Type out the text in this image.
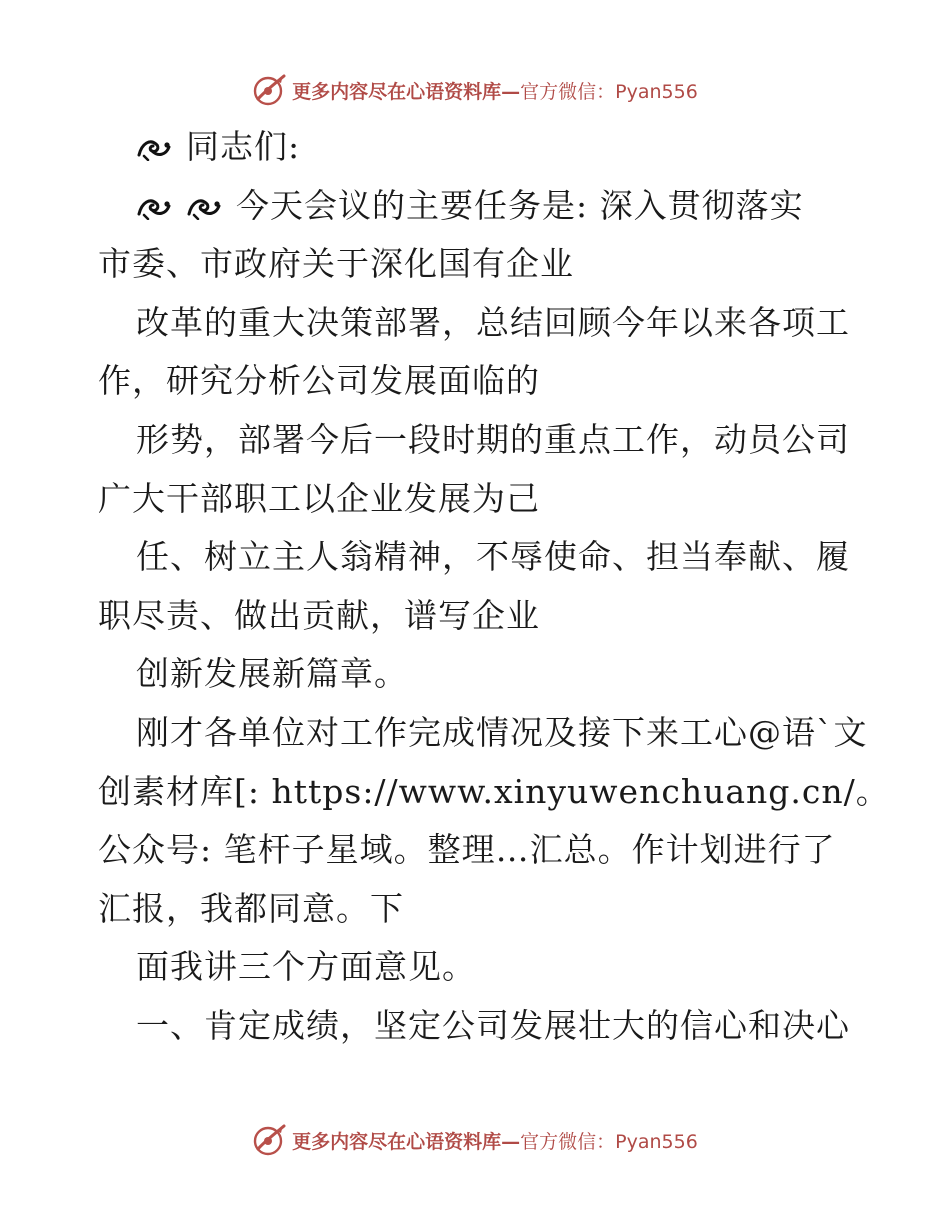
更多内容尽在心语资料库— 官方微信：Pyan556
同志们:
今天会议的主要任务是: 深入贯彻落实
市委、市政府关于深化国有企业
改革的重大决策部署，总结回顾今年以来各项工
作，研究分析公司发展面临的
形势，部署今后一段时期的重点工作，动员公司
广大干部职工以企业发展为己
任、树立主人翁精神，不辱使命、担当奉献、履
职尽责、做出贡献，谱写企业
创新发展新篇章。
刚才各单位对工作完成情况及接下来工心@语`文
创素材库[: https://www.xinyuwenchuang.cn/。
公众号: 笔杆子星域。整理…汇总。作计划进行了
汇报，我都同意。下
面我讲三个方面意见。
一、肯定成绩，坚定公司发展壮大的信心和决心
更多内容尽在心语资料库— 官方微信：Pyan556
